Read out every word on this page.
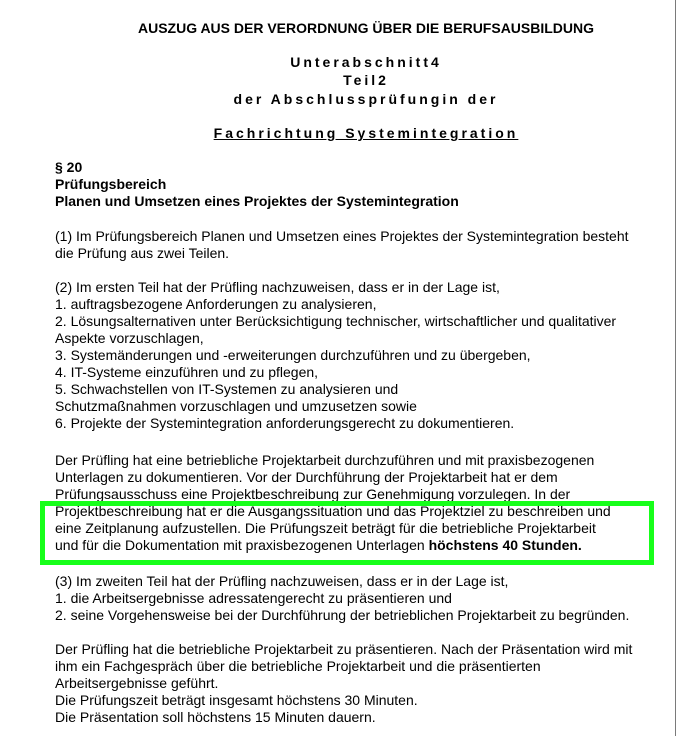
AUSZUG AUS DER VERORDNUNG ÜBER DIE BERUFSAUSBILDUNG
Unterabschnitt4
Teil2
der Abschlussprüfungin der
Fachrichtung Systemintegration
§ 20
Prüfungsbereich
Planen und Umsetzen eines Projektes der Systemintegration
(1) Im Prüfungsbereich Planen und Umsetzen eines Projektes der Systemintegration besteht
die Prüfung aus zwei Teilen.
(2) Im ersten Teil hat der Prüfling nachzuweisen, dass er in der Lage ist,
1. auftragsbezogene Anforderungen zu analysieren,
2. Lösungsalternativen unter Berücksichtigung technischer, wirtschaftlicher und qualitativer
Aspekte vorzuschlagen,
3. Systemänderungen und -erweiterungen durchzuführen und zu übergeben,
4. IT-Systeme einzuführen und zu pflegen,
5. Schwachstellen von IT-Systemen zu analysieren und
Schutzmaßnahmen vorzuschlagen und umzusetzen sowie
6. Projekte der Systemintegration anforderungsgerecht zu dokumentieren.
Der Prüfling hat eine betriebliche Projektarbeit durchzuführen und mit praxisbezogenen
Unterlagen zu dokumentieren. Vor der Durchführung der Projektarbeit hat er dem
Prüfungsausschuss eine Projektbeschreibung zur Genehmigung vorzulegen. In der
Projektbeschreibung hat er die Ausgangssituation und das Projektziel zu beschreiben und
eine Zeitplanung aufzustellen. Die Prüfungszeit beträgt für die betriebliche Projektarbeit
und für die Dokumentation mit praxisbezogenen Unterlagen höchstens 40 Stunden.
(3) Im zweiten Teil hat der Prüfling nachzuweisen, dass er in der Lage ist,
1. die Arbeitsergebnisse adressatengerecht zu präsentieren und
2. seine Vorgehensweise bei der Durchführung der betrieblichen Projektarbeit zu begründen.
Der Prüfling hat die betriebliche Projektarbeit zu präsentieren. Nach der Präsentation wird mit
ihm ein Fachgespräch über die betriebliche Projektarbeit und die präsentierten
Arbeitsergebnisse geführt.
Die Prüfungszeit beträgt insgesamt höchstens 30 Minuten.
Die Präsentation soll höchstens 15 Minuten dauern.
